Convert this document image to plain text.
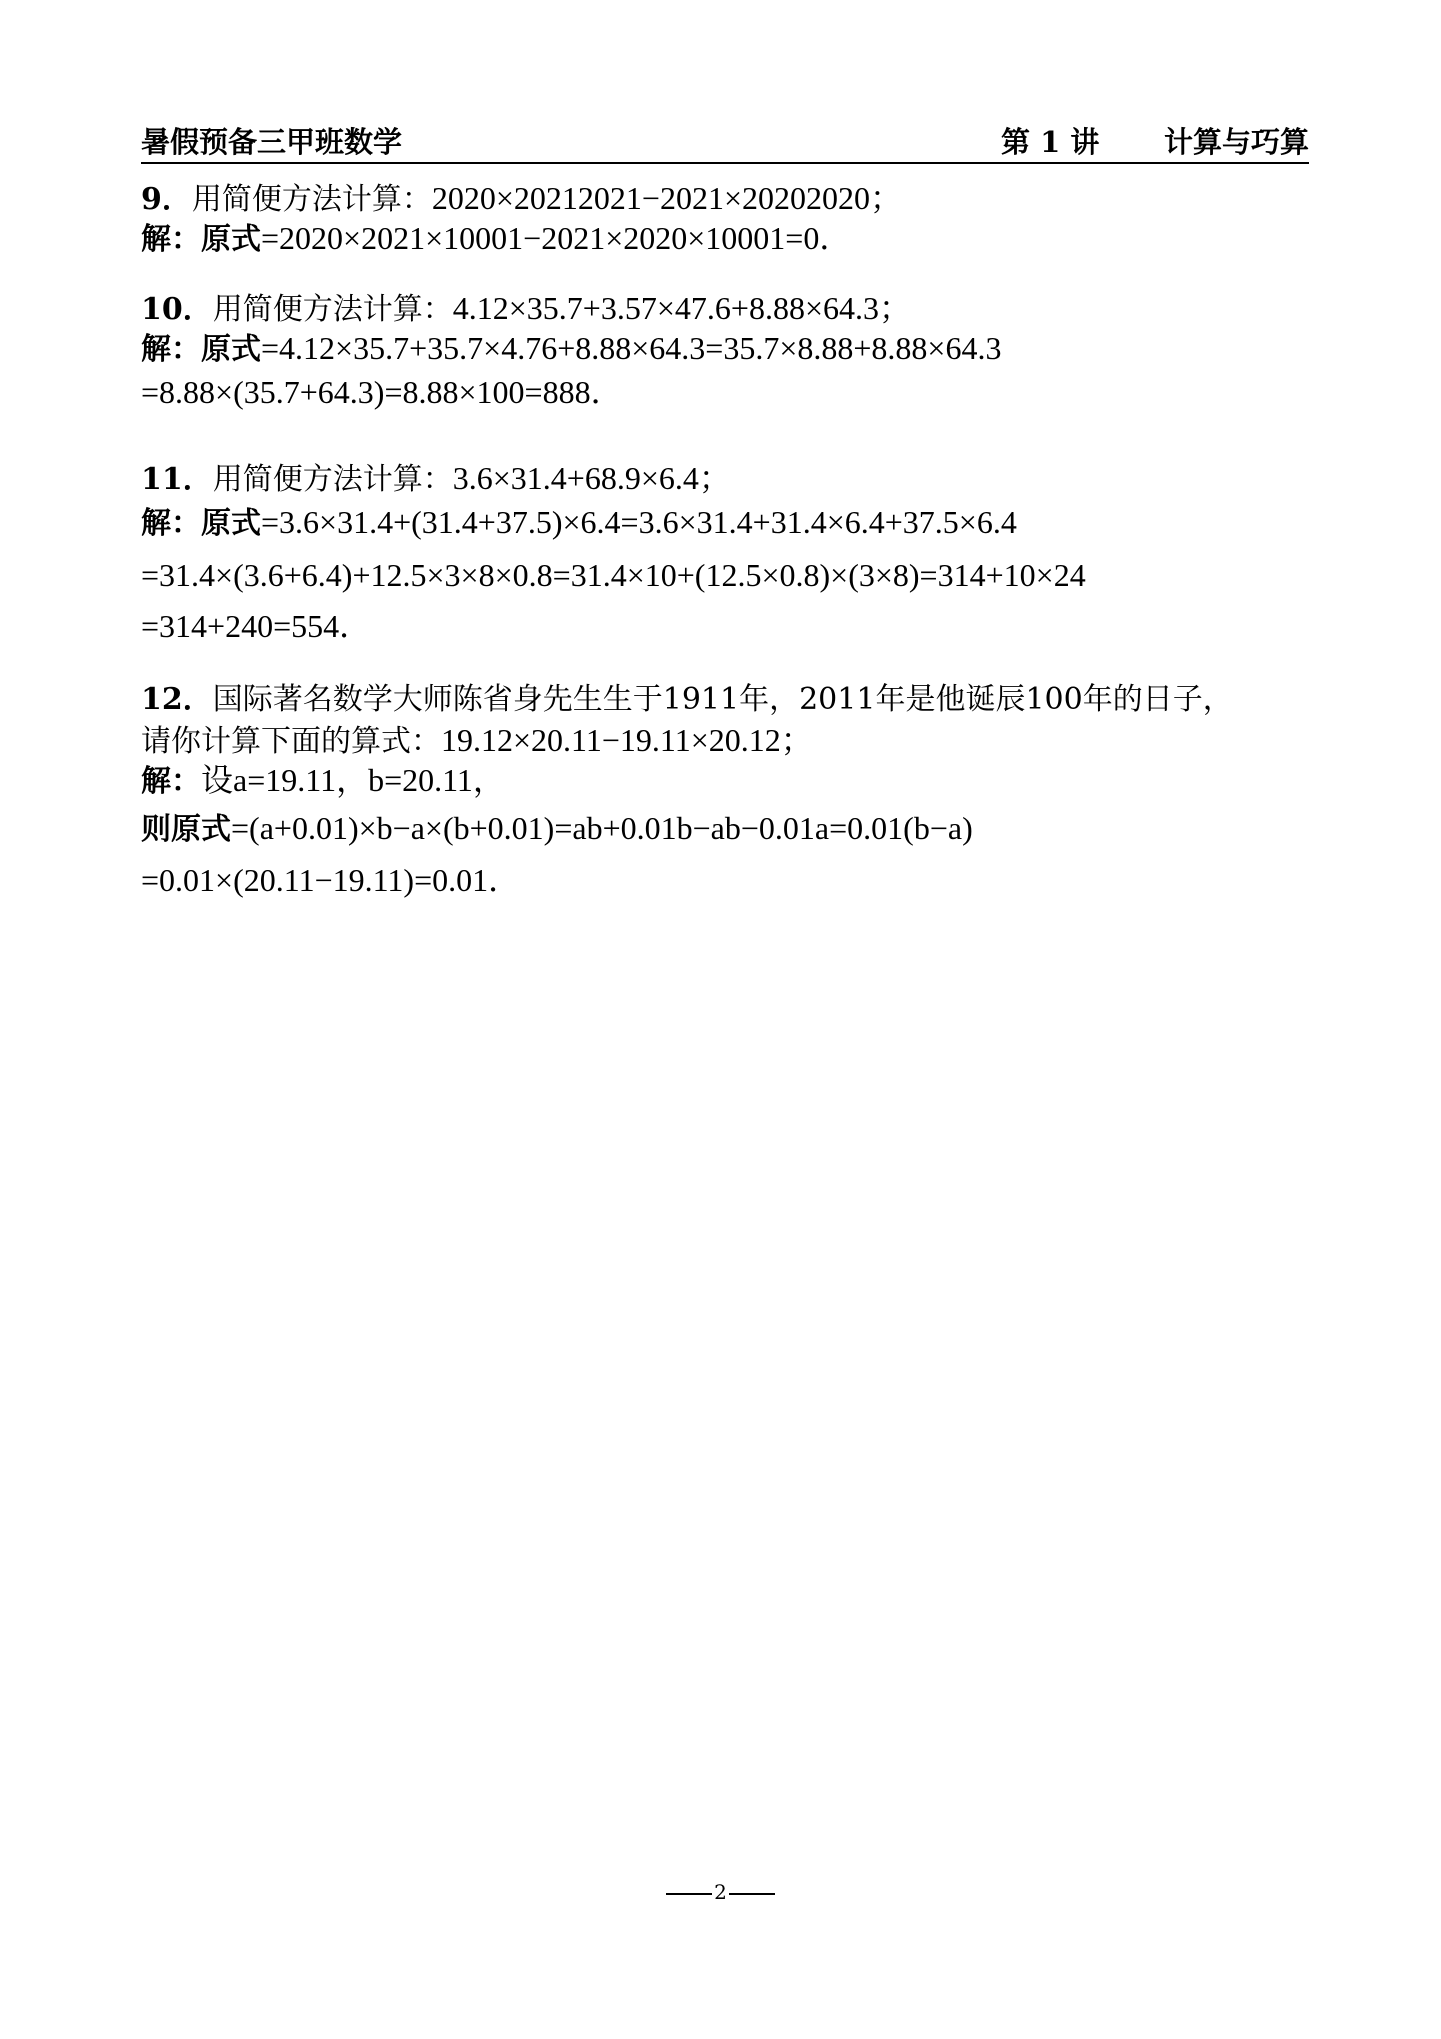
暑假预备三甲班数学	第 1 讲 计算与巧算
9．用简便方法计算：2020×20212021−2021×20202020；
解：原式=2020×2021×10001−2021×2020×10001=0．
10．用简便方法计算：4.12×35.7+3.57×47.6+8.88×64.3；
解：原式=4.12×35.7+35.7×4.76+8.88×64.3=35.7×8.88+8.88×64.3
=8.88×(35.7+64.3)=8.88×100=888．
11．用简便方法计算：3.6×31.4+68.9×6.4；
解：原式=3.6×31.4+(31.4+37.5)×6.4=3.6×31.4+31.4×6.4+37.5×6.4
=31.4×(3.6+6.4)+12.5×3×8×0.8=31.4×10+(12.5×0.8)×(3×8)=314+10×24
=314+240=554．
12．国际著名数学大师陈省身先生生于1911年，2011年是他诞辰100年的日子，
请你计算下面的算式：19.12×20.11−19.11×20.12；
解：设a=19.11，b=20.11，
则原式=(a+0.01)×b−a×(b+0.01)=ab+0.01b−ab−0.01a=0.01(b−a)
=0.01×(20.11−19.11)=0.01．
2
